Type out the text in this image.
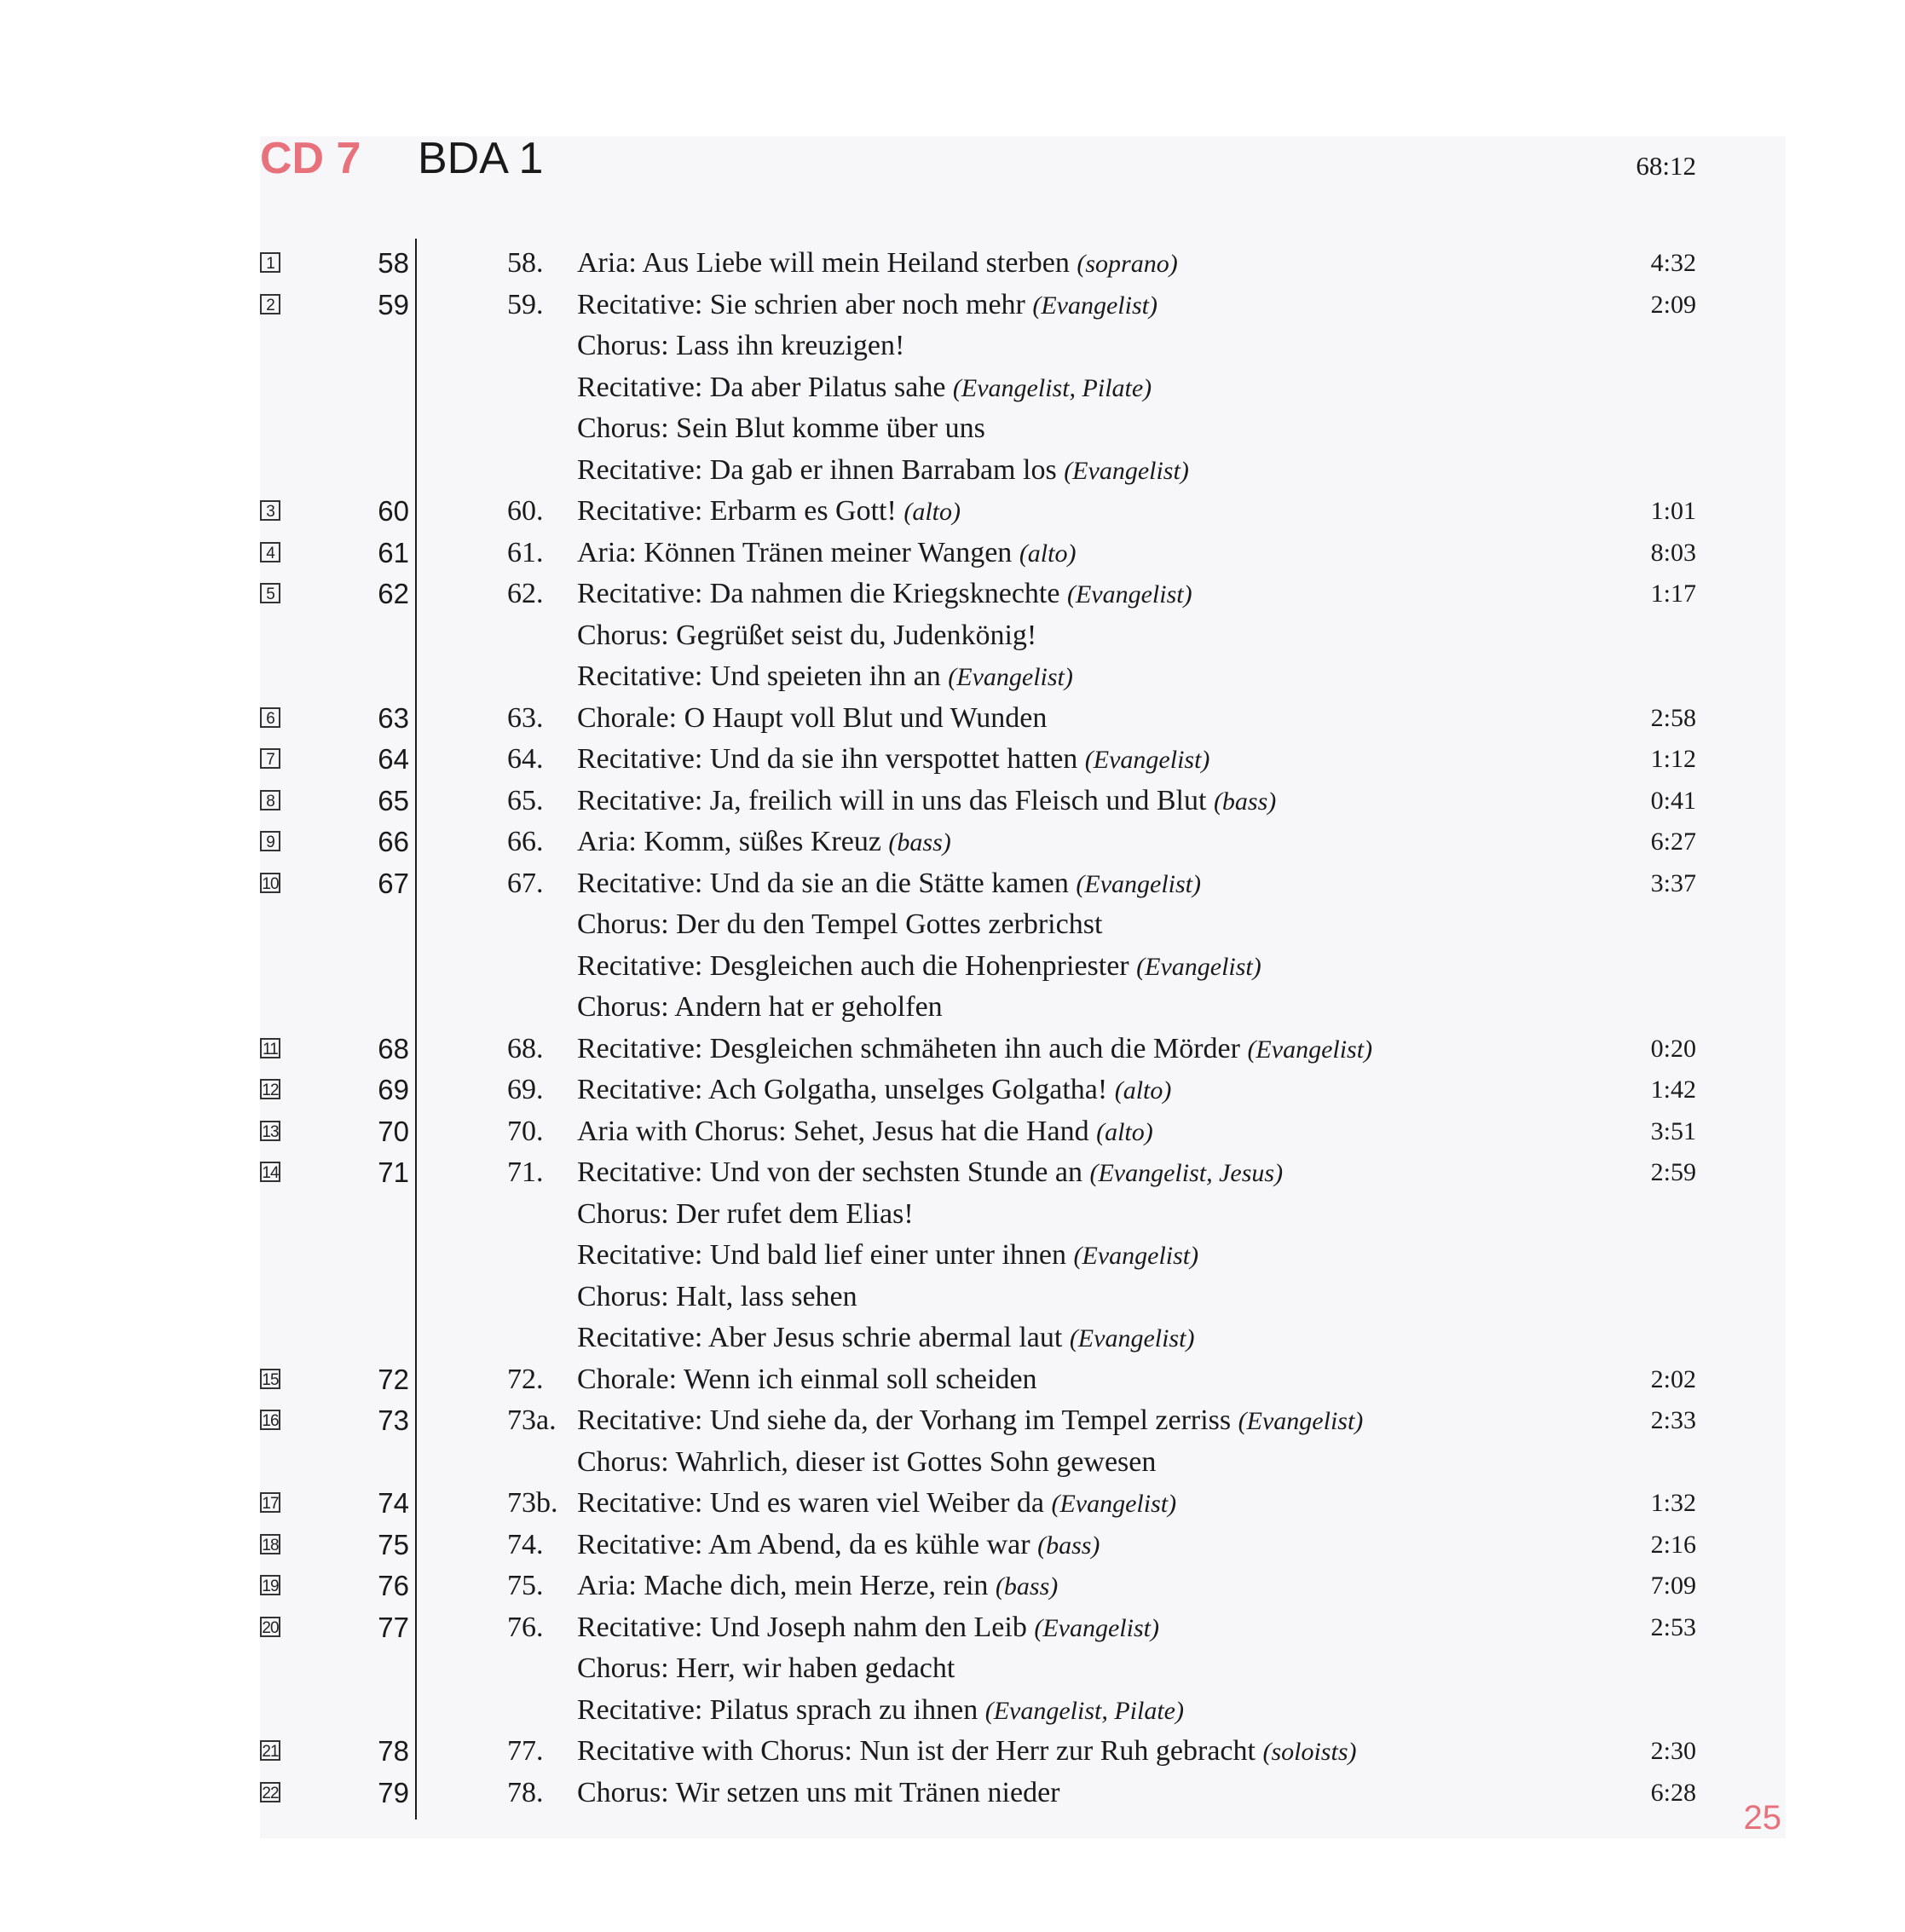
CD 7 BDA 1	68:12
1	58	58. Aria: Aus Liebe will mein Heiland sterben (soprano)	4:32
2	59	59. Recitative: Sie schrien aber noch mehr (Evangelist)	2:09
Chorus: Lass ihn kreuzigen!
Recitative: Da aber Pilatus sahe (Evangelist, Pilate)
Chorus: Sein Blut komme über uns
Recitative: Da gab er ihnen Barrabam los (Evangelist)
3	60	60. Recitative: Erbarm es Gott! (alto)	1:01
4	61	61. Aria: Können Tränen meiner Wangen (alto)	8:03
5	62	62. Recitative: Da nahmen die Kriegsknechte (Evangelist)	1:17
Chorus: Gegrüßet seist du, Judenkönig!
Recitative: Und speieten ihn an (Evangelist)
6	63	63. Chorale: O Haupt voll Blut und Wunden	2:58
7	64	64. Recitative: Und da sie ihn verspottet hatten (Evangelist)	1:12
8	65	65. Recitative: Ja, freilich will in uns das Fleisch und Blut (bass)	0:41
9	66	66. Aria: Komm, süßes Kreuz (bass)	6:27
10	67	67. Recitative: Und da sie an die Stätte kamen (Evangelist)	3:37
Chorus: Der du den Tempel Gottes zerbrichst
Recitative: Desgleichen auch die Hohenpriester (Evangelist)
Chorus: Andern hat er geholfen
11	68	68. Recitative: Desgleichen schmäheten ihn auch die Mörder (Evangelist)	0:20
12	69	69. Recitative: Ach Golgatha, unselges Golgatha! (alto)	1:42
13	70	70. Aria with Chorus: Sehet, Jesus hat die Hand (alto)	3:51
14	71	71. Recitative: Und von der sechsten Stunde an (Evangelist, Jesus)	2:59
Chorus: Der rufet dem Elias!
Recitative: Und bald lief einer unter ihnen (Evangelist)
Chorus: Halt, lass sehen
Recitative: Aber Jesus schrie abermal laut (Evangelist)
15	72	72. Chorale: Wenn ich einmal soll scheiden	2:02
16	73	73a. Recitative: Und siehe da, der Vorhang im Tempel zerriss (Evangelist)	2:33
Chorus: Wahrlich, dieser ist Gottes Sohn gewesen
17	74	73b. Recitative: Und es waren viel Weiber da (Evangelist)	1:32
18	75	74. Recitative: Am Abend, da es kühle war (bass)	2:16
19	76	75. Aria: Mache dich, mein Herze, rein (bass)	7:09
20	77	76. Recitative: Und Joseph nahm den Leib (Evangelist)	2:53
Chorus: Herr, wir haben gedacht
Recitative: Pilatus sprach zu ihnen (Evangelist, Pilate)
21	78	77. Recitative with Chorus: Nun ist der Herr zur Ruh gebracht (soloists)	2:30
22	79	78. Chorus: Wir setzen uns mit Tränen nieder	6:28
25
